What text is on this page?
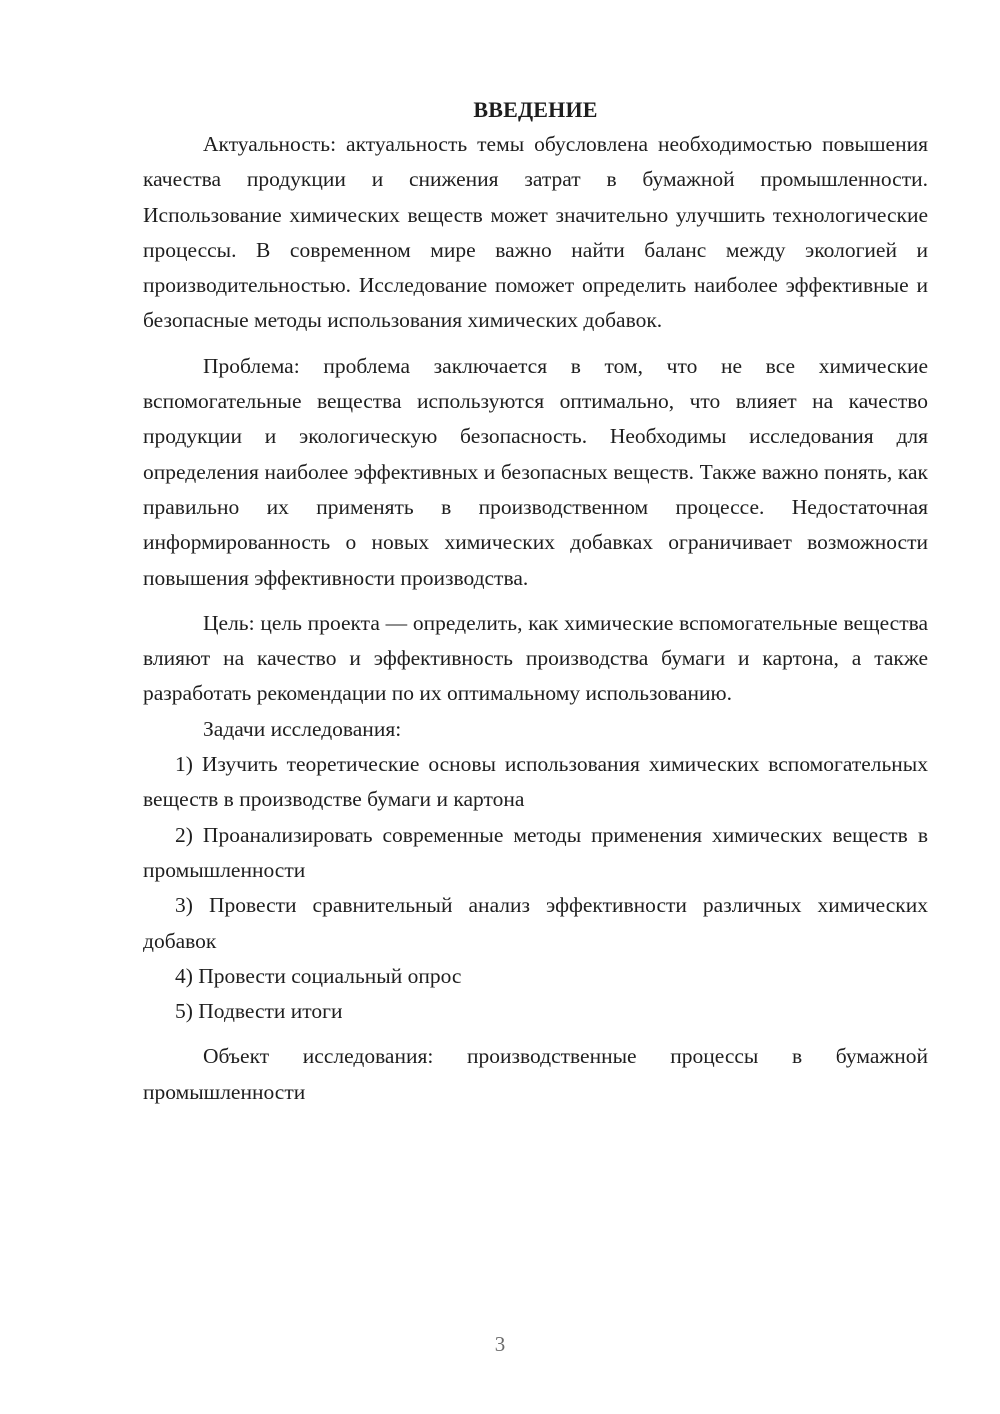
ВВЕДЕНИЕ

Актуальность: актуальность темы обусловлена необходимостью повышения качества продукции и снижения затрат в бумажной промышленности. Использование химических веществ может значительно улучшить технологические процессы. В современном мире важно найти баланс между экологией и производительностью. Исследование поможет определить наиболее эффективные и безопасные методы использования химических добавок.

Проблема: проблема заключается в том, что не все химические вспомогательные вещества используются оптимально, что влияет на качество продукции и экологическую безопасность. Необходимы исследования для определения наиболее эффективных и безопасных веществ. Также важно понять, как правильно их применять в производственном процессе. Недостаточная информированность о новых химических добавках ограничивает возможности повышения эффективности производства.

Цель: цель проекта — определить, как химические вспомогательные вещества влияют на качество и эффективность производства бумаги и картона, а также разработать рекомендации по их оптимальному использованию.

Задачи исследования:

1) Изучить теоретические основы использования химических вспомогательных веществ в производстве бумаги и картона

2) Проанализировать современные методы применения химических веществ в промышленности

3) Провести сравнительный анализ эффективности различных химических добавок

4) Провести социальный опрос

5) Подвести итоги

Объект исследования: производственные процессы в бумажной промышленности

3
